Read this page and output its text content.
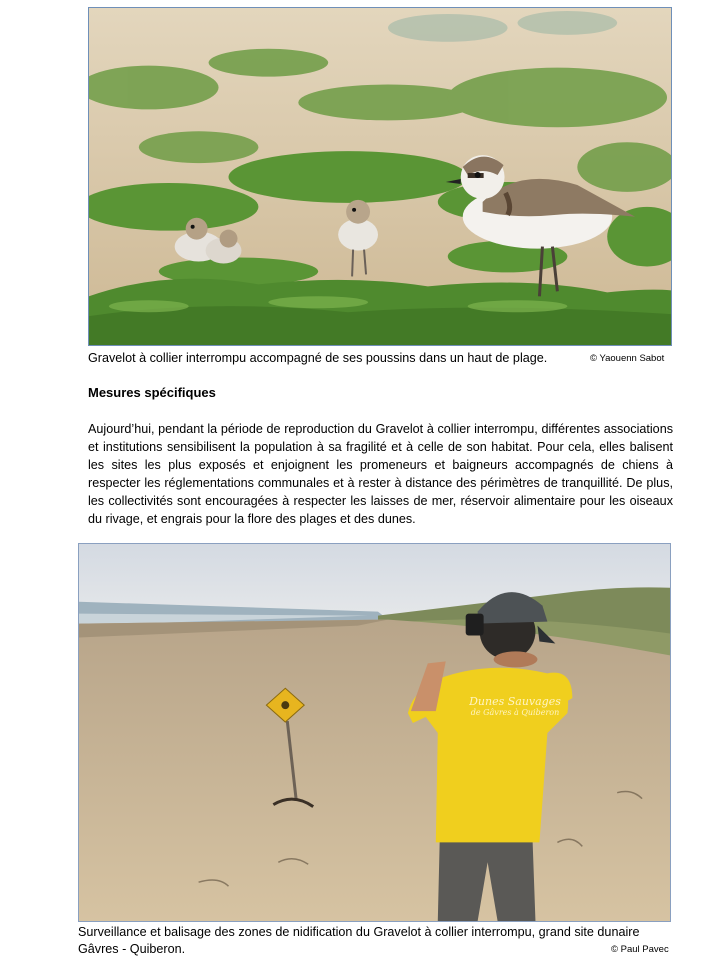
Gravelot à collier interrompu accompagné de ses poussins dans un haut de plage.	© Yaouenn Sabot
Mesures spécifiques

Aujourd’hui, pendant la période de reproduction du Gravelot à collier interrompu, différentes associations et institutions sensibilisent la population à sa fragilité et à celle de son habitat. Pour cela, elles balisent les sites les plus exposés et enjoignent les promeneurs et baigneurs accompagnés de chiens à respecter les réglementations communales et à rester à distance des périmètres de tranquillité. De plus, les collectivités sont encouragées à respecter les laisses de mer, réservoir alimentaire pour les oiseaux du rivage, et engrais pour la flore des plages et des dunes.

Dunes Sauvages
de Gâvres à Quiberon
Surveillance et balisage des zones de nidification du Gravelot à collier interrompu, grand site dunaire Gâvres - Quiberon.	© Paul Pavec
